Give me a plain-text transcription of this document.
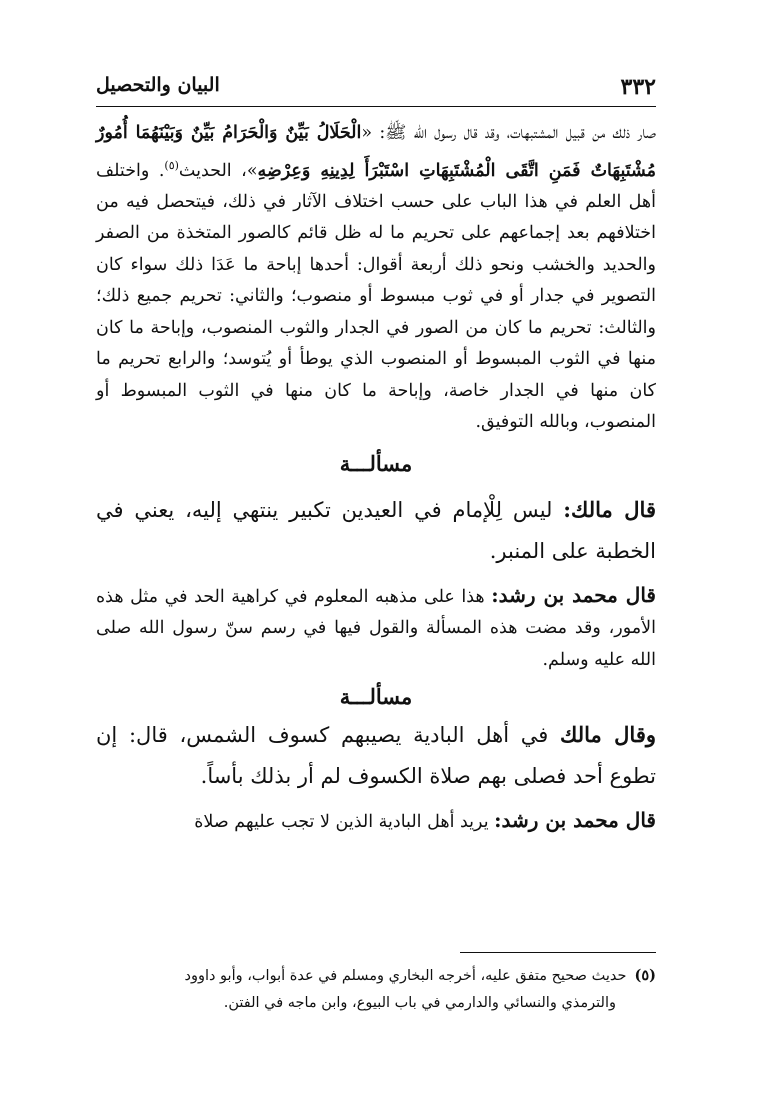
٣٣٢
البيان والتحصيل

صار ذلك من قبيل المشتبهات، وقد قال رسول الله ﷺ: «الْحَلَالُ بَيِّنٌ وَالْحَرَامُ بَيِّنٌ وَبَيْنَهُمَا أُمُورٌ مُشْتَبِهَاتٌ فَمَنِ اتَّقَى الْمُشْتَبِهَاتِ اسْتَبْرَأَ لِدِينِهِ وَعِرْضِهِ»، الحديث$^{(٥)}$. واختلف أهل العلم في هذا الباب على حسب اختلاف الآثار في ذلك، فيتحصل فيه من اختلافهم بعد إجماعهم على تحريم ما له ظل قائم كالصور المتخذة من الصفر والحديد والخشب ونحو ذلك أربعة أقوال: أحدها إباحة ما عَدَا ذلك سواء كان التصوير في جدار أو في ثوب مبسوط أو منصوب؛ والثاني: تحريم جميع ذلك؛ والثالث: تحريم ما كان من الصور في الجدار والثوب المنصوب، وإباحة ما كان منها في الثوب المبسوط أو المنصوب الذي يوطأ أو يُتوسد؛ والرابع تحريم ما كان منها في الجدار خاصة، وإباحة ما كان منها في الثوب المبسوط أو المنصوب، وبالله التوفيق.

مسألـــة

قال مالك: ليس لِلْإمام في العيدين تكبير ينتهي إليه، يعني في الخطبة على المنبر.

قال محمد بن رشد: هذا على مذهبه المعلوم في كراهية الحد في مثل هذه الأمور، وقد مضت هذه المسألة والقول فيها في رسم سنّ رسول الله صلى الله عليه وسلم.

مسألـــة

وقال مالك في أهل البادية يصيبهم كسوف الشمس، قال: إن تطوع أحد فصلى بهم صلاة الكسوف لم أر بذلك بأساً.

قال محمد بن رشد: يريد أهل البادية الذين لا تجب عليهم صلاة

(٥)حديث صحيح متفق عليه، أخرجه البخاري ومسلم في عدة أبواب، وأبو داوود

والترمذي والنسائي والدارمي في باب البيوع، وابن ماجه في الفتن.
